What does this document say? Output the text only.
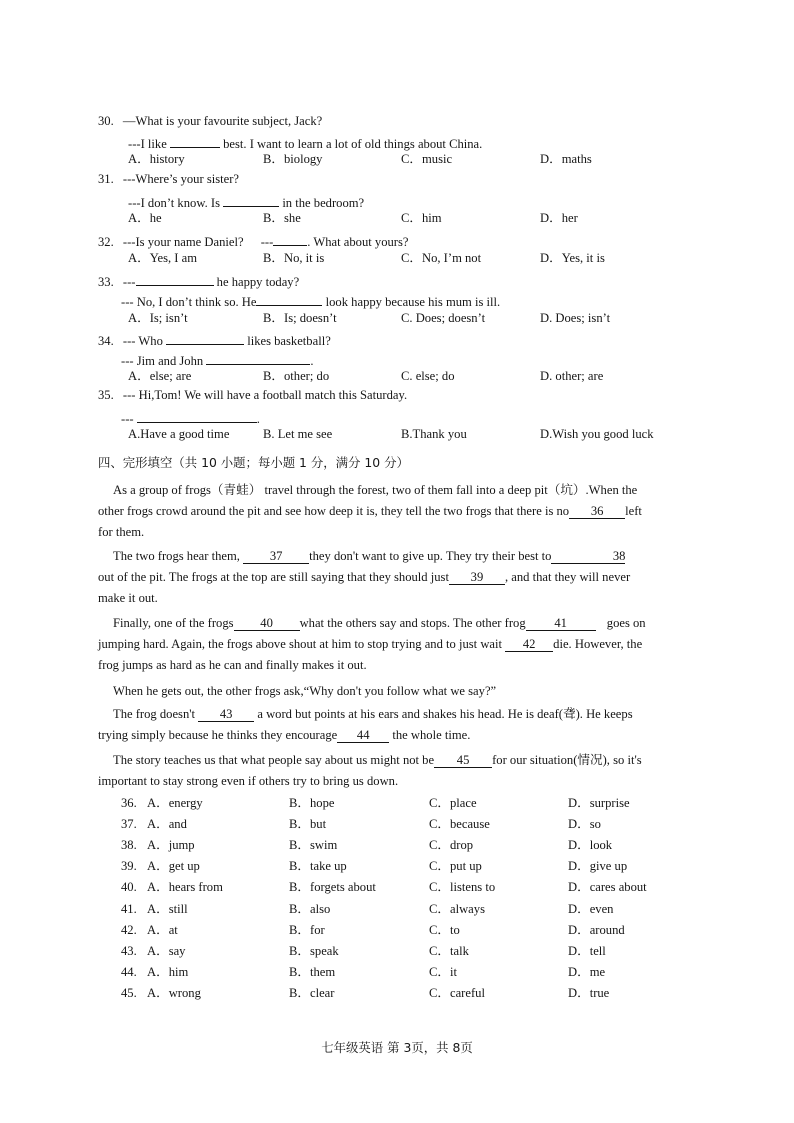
30. —What is your favourite subject, Jack?
---I like	best. I want to learn a lot of old things about China.
A．history	B．biology	C．music	D．maths
31. ---Where’s your sister?
---I don’t know. Is	in the bedroom?
A．he	B．she	C．him	D．her
32. ---Is your name Daniel? ---	. What about yours?
A．Yes, I am	B．No, it is	C．No, I’m not	D．Yes, it is
33. ---	he happy today?
--- No, I don’t think so. He	look happy because his mum is ill.
A．Is; isn’t	B．Is; doesn’t	C. Does; doesn’t	D. Does; isn’t
34. --- Who	likes basketball?
--- Jim and John	.
A．else; are	B．other; do	C. else; do	D. other; are
35. --- Hi,Tom! We will have a football match this Saturday.
---	.
A.Have a good time	B. Let me see	B.Thank you	D.Wish you good luck
四、完形填空（共 10 小题；每小题 1 分，满分 10 分）
As a group of frogs（青蛙） travel through the forest, two of them fall into a deep pit（坑）.When the
other frogs crowd around the pit and see how deep it is, they tell the two frogs that there is no 36 left
for them.
The two frogs hear them, 37 they don't want to give up. They try their best to	38
out of the pit. The frogs at the top are still saying that they should just 39 , and that they will never
make it out.
Finally, one of the frogs 40 what the others say and stops. The other frog 41	goes on
jumping hard. Again, the frogs above shout at him to stop trying and to just wait 42 die. However, the
frog jumps as hard as he can and finally makes it out.
When he gets out, the other frogs ask,“Why don't you follow what we say?”
The frog doesn't 43 a word but points at his ears and shakes his head. He is deaf(聋). He keeps
trying simply because he thinks they encourage 44 the whole time.
The story teaches us that what people say about us might not be 45 for our situation(情况), so it's
important to stay strong even if others try to bring us down.
36. A．energy	B．hope	C．place	D．surprise
37. A．and	B．but	C．because	D．so
38. A．jump	B．swim	C．drop	D．look
39. A．get up	B．take up	C．put up	D．give up
40. A．hears from	B．forgets about	C．listens to	D．cares about
41. A．still	B．also	C．always	D．even
42. A．at	B．for	C．to	D．around
43. A．say	B．speak	C．talk	D．tell
44. A．him	B．them	C．it	D．me
45. A．wrong	B．clear	C．careful	D．true
七年级英语 第 3页，共 8页
